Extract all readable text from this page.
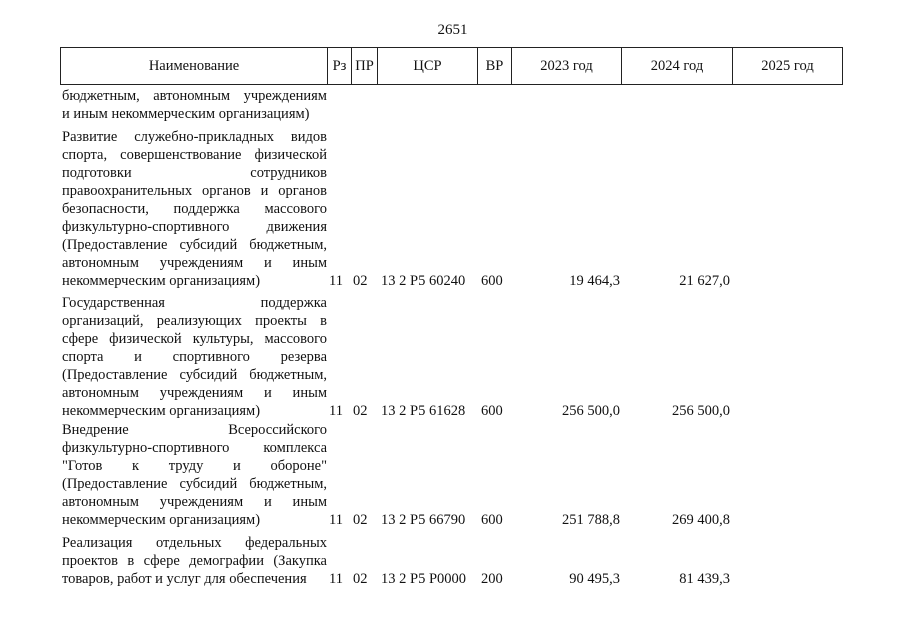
2651
Наименование	Рз ПР	ЦСР	ВР	2023 год	2024 год	2025 год
бюджетным, автономным учреждениям
и иным некоммерческим организациям)
Развитие служебно-прикладных видов
спорта, совершенствование физической
подготовки сотрудников
правоохранительных органов и органов
безопасности, поддержка массового
физкультурно-спортивного движения
(Предоставление субсидий бюджетным,
автономным учреждениям и иным
некоммерческим организациям)	11 02 13 2 Р5 60240 600	19 464,3	21 627,0
Государственная поддержка
организаций, реализующих проекты в
сфере физической культуры, массового
спорта и спортивного резерва
(Предоставление субсидий бюджетным,
автономным учреждениям и иным
некоммерческим организациям)	11 02 13 2 Р5 61628 600	256 500,0	256 500,0
Внедрение Всероссийского
физкультурно-спортивного комплекса
"Готов к труду и обороне"
(Предоставление субсидий бюджетным,
автономным учреждениям и иным
некоммерческим организациям)	11 02 13 2 Р5 66790 600	251 788,8	269 400,8
Реализация отдельных федеральных
проектов в сфере демографии (Закупка
товаров, работ и услуг для обеспечения	11 02 13 2 Р5 Р0000 200	90 495,3	81 439,3
